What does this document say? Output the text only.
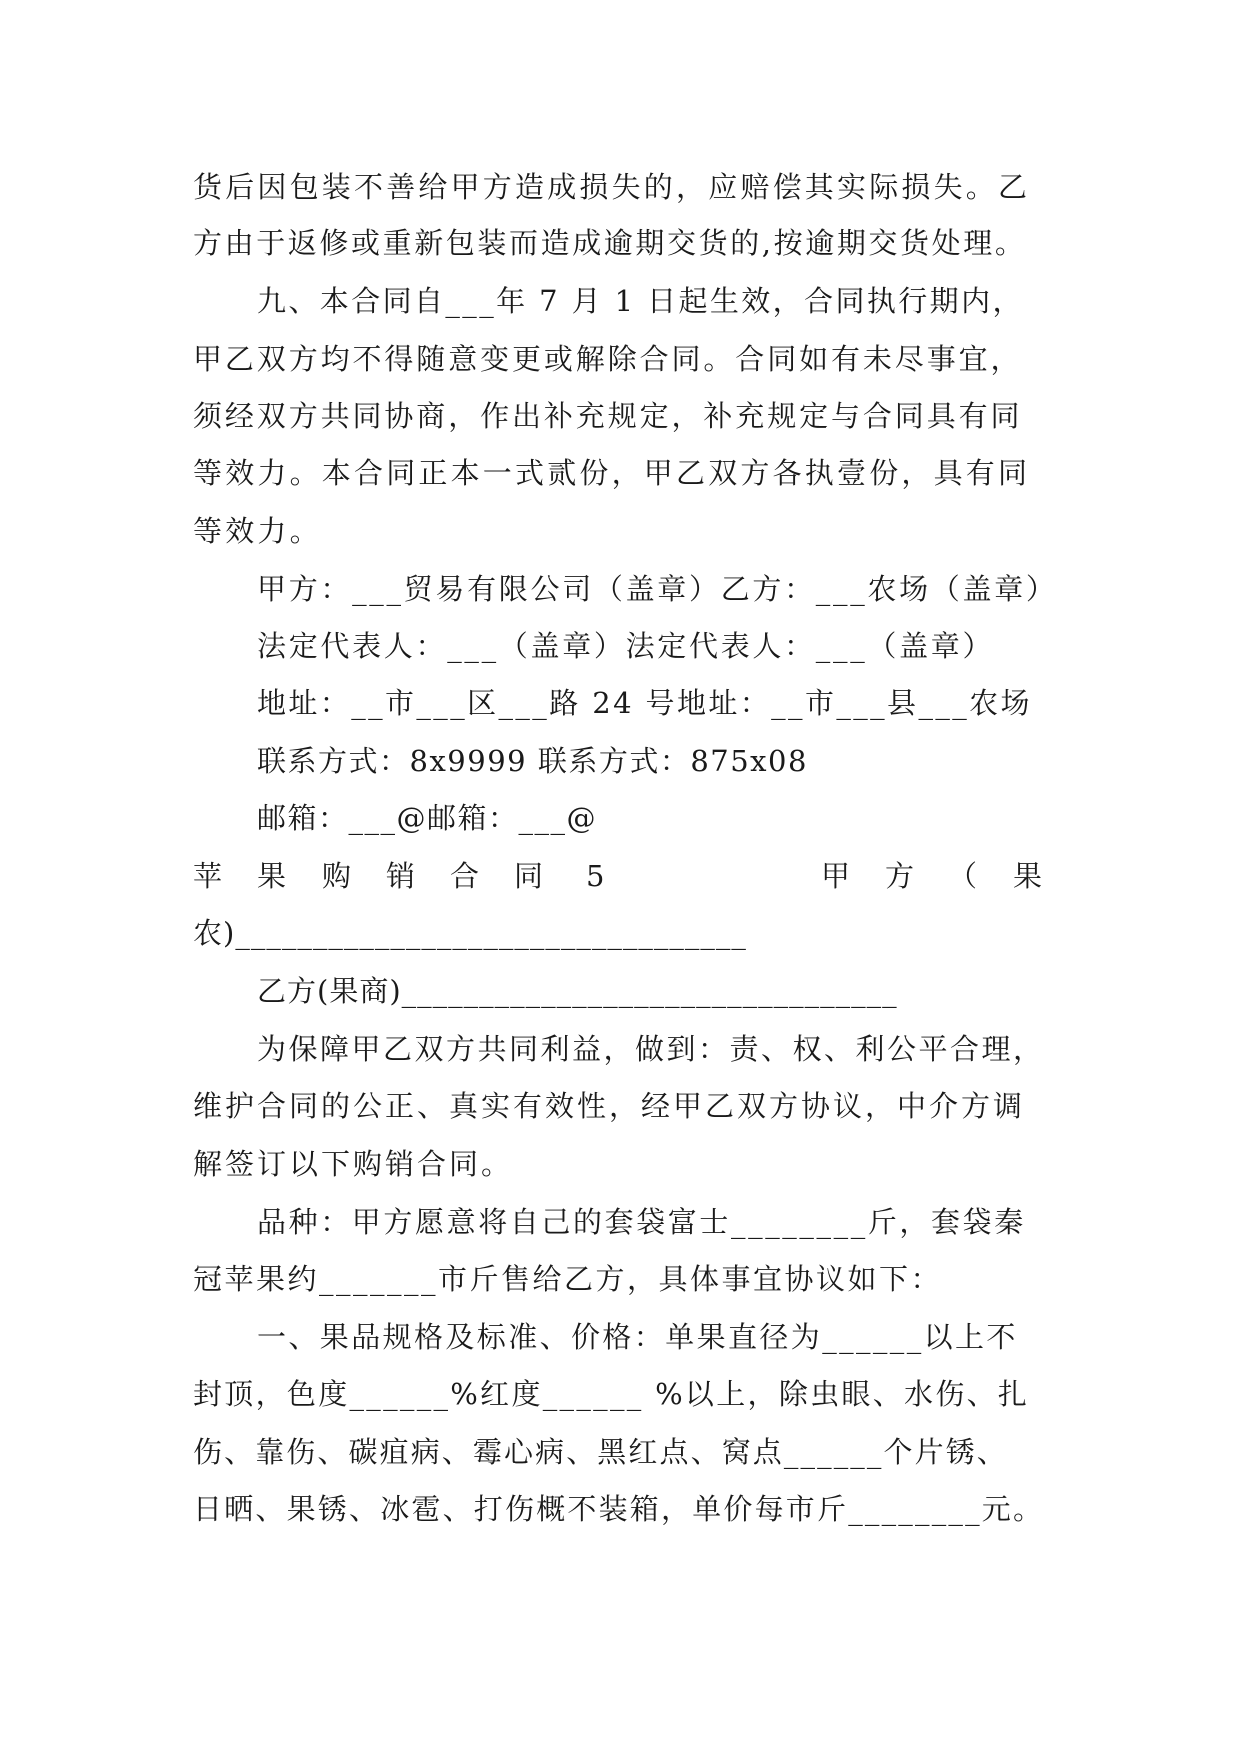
货后因包装不善给甲方造成损失的，应赔偿其实际损失。乙
方由于返修或重新包装而造成逾期交货的,按逾期交货处理。
九、本合同自___年 7 月 1 日起生效，合同执行期内，
甲乙双方均不得随意变更或解除合同。合同如有未尽事宜，
须经双方共同协商，作出补充规定，补充规定与合同具有同
等效力。本合同正本一式贰份，甲乙双方各执壹份，具有同
等效力。
甲方：___贸易有限公司（盖章）乙方：___农场（盖章）
法定代表人：___（盖章）法定代表人：___（盖章）
地址：__市___区___路 24 号地址：__市___县___农场
联系方式：8x9999 联系方式：875x08
邮箱：___@邮箱：___@

苹

果

购

销

合

同

5

	甲

方

（

果

农)_________________________________
乙方(果商)________________________________
为保障甲乙双方共同利益，做到：责、权、利公平合理，
维护合同的公正、真实有效性，经甲乙双方协议，中介方调
解签订以下购销合同。
品种：甲方愿意将自己的套袋富士________斤，套袋秦
冠苹果约_______市斤售给乙方，具体事宜协议如下：
一、果品规格及标准、价格：单果直径为______以上不
封顶，色度______%红度______ %以上，除虫眼、水伤、扎
伤、靠伤、碳疽病、霉心病、黑红点、窝点______个片锈、
日晒、果锈、冰雹、打伤概不装箱，单价每市斤________元。
